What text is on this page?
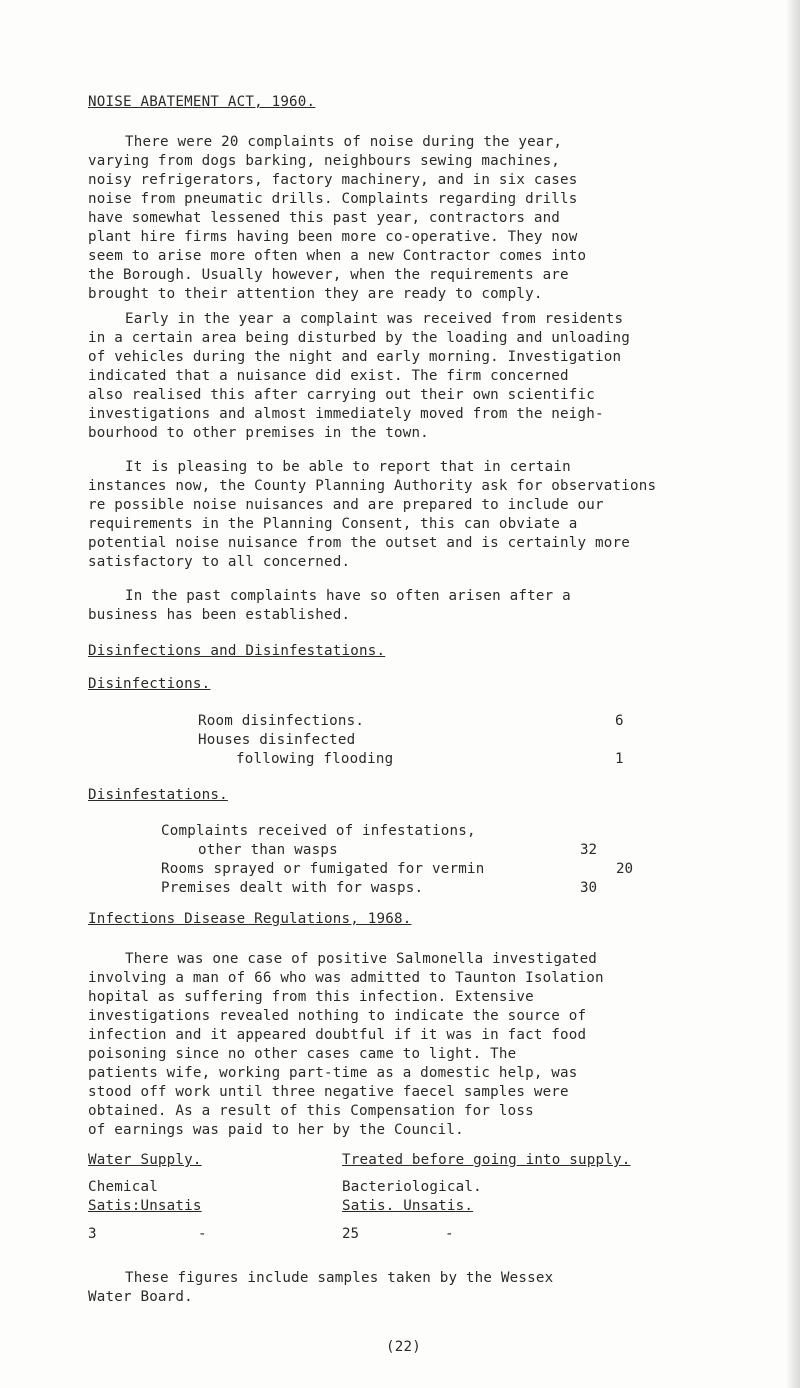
NOISE ABATEMENT ACT, 1960.
There were 20 complaints of noise during the year,
varying from dogs barking, neighbours sewing machines,
noisy refrigerators, factory machinery, and in six cases
noise from pneumatic drills. Complaints regarding drills
have somewhat lessened this past year, contractors and
plant hire firms having been more co-operative. They now
seem to arise more often when a new Contractor comes into
the Borough. Usually however, when the requirements are
brought to their attention they are ready to comply.
Early in the year a complaint was received from residents
in a certain area being disturbed by the loading and unloading
of vehicles during the night and early morning. Investigation
indicated that a nuisance did exist. The firm concerned
also realised this after carrying out their own scientific
investigations and almost immediately moved from the neigh-
bourhood to other premises in the town.
It is pleasing to be able to report that in certain
instances now, the County Planning Authority ask for observations
re possible noise nuisances and are prepared to include our
requirements in the Planning Consent, this can obviate a
potential noise nuisance from the outset and is certainly more
satisfactory to all concerned.
In the past complaints have so often arisen after a
business has been established.
Disinfections and Disinfestations.
Disinfections.
Room disinfections.	6
Houses disinfected
following flooding	1
Disinfestations.
Complaints received of infestations,
other than wasps	32
Rooms sprayed or fumigated for vermin	20
Premises dealt with for wasps.	30
Infections Disease Regulations, 1968.
There was one case of positive Salmonella investigated
involving a man of 66 who was admitted to Taunton Isolation
hopital as suffering from this infection. Extensive
investigations revealed nothing to indicate the source of
infection and it appeared doubtful if it was in fact food
poisoning since no other cases came to light. The
patients wife, working part-time as a domestic help, was
stood off work until three negative faecel samples were
obtained. As a result of this Compensation for loss
of earnings was paid to her by the Council.
Water Supply.	Treated before going into supply.
Chemical	Bacteriological.
Satis:Unsatis	Satis. Unsatis.
3	-	25	-
These figures include samples taken by the Wessex
Water Board.
(22)
